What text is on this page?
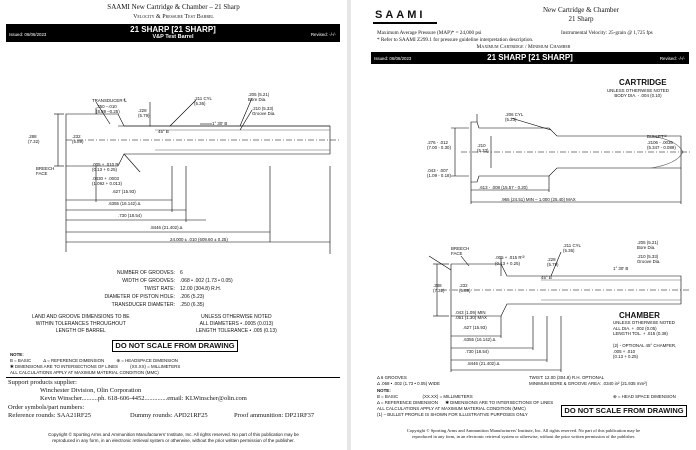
SAAMI New Cartridge & Chamber – 21 Sharp
Velocity & Pressure Test Barrel
Issued: 06/06/2023
21 SHARP [21 SHARP]
V&P Test Barrel	Revised: -/-/-
TRANSDUCER ℄
.350 –.010
(8.89 –0.25)
BREECH
FACE
.288
(7.32)
.232
(5.89)
.228
(5.79)
.211 CYL
(5.36)
.205 (5.21)
Bore Dia.
.210 (5.33)
Groove Dia.
45° B
1° 30' B
.005 + .010 R
(0.13 + 0.25)
.0430 + .0003
(1.092 + 0.013)
.627 (15.93)
.6355 (16.142) Δ
.730 (18.54)
.8446 (21.402) Δ
24.000 ± .010 (609.60 ± 0.25)
NUMBER OF GROOVES: 6
WIDTH OF GROOVES: .068 • .002 (1.73 • 0.05)
TWIST RATE: 12.00 (304.8) R.H.
DIAMETER OF PISTON HOLE: .206 (5.23)
TRANSDUCER DIAMETER: .250 (6.35)
LAND AND GROOVE DIMENSIONS TO BE
WITHIN TOLERANCES THROUGHOUT
LENGTH OF BARREL
UNLESS OTHERWISE NOTED
ALL DIAMETERS • .0005 (0.013)
LENGTH TOLERANCE • .005 (0.13)
DO NOT SCALE FROM DRAWING
NOTE:
B = BASIC          Δ = REFERENCE DIMENSION          ⊕ = HEADSPACE DIMENSION
✱ DIMENSIONS ARE TO INTERSECTIONS OF LINES          (XX.XX) = MILLIMETERS
ALL CALCULATIONS APPLY AT MAXIMUM MATERIAL CONDITION (MMC)
Support products supplier:
Winchester Division, Olin Corporation
Kevin Winscher..........ph. 618-606-4452..............email: KLWinscher@olin.com
Order symbols/part numbers:
Reference rounds: SAA21RF25	Dummy rounds: APD21RF25	Proof ammunition: DP21RF37
Copyright © Sporting Arms and Ammunition Manufacturers' Institute, Inc. All rights reserved. No part of this publication may be
reproduced in any form, in an electronic retrieval system or otherwise, without the prior written permission of the publisher.
SAAMI	New Cartridge & Chamber
21 Sharp
Maximum Average Pressure (MAP)* = 24,000 psi
* Refer to SAAMI Z299.1 for pressure guideline interpretation description.
Instrumental Velocity: 25-grain @ 1,725 fps
Maximum Cartridge / Minimum Chamber
Issued: 06/06/2023	21 SHARP [21 SHARP]	Revised: -/-/-
CARTRIDGE
UNLESS OTHERWISE NOTED
BODY DIA. - .004 (0.10)
.206 CYL
(5.23)
.276 - .012
(7.00 - 0.30)	.210
(5.33)
BULLET⁽¹⁾
.2106 - .0035
(5.347 - 0.089)
.043 - .007
(1.09 - 0.18)
.613 - .008 (15.57 - 0.20)
.965 (24.51) MIN – 1.000 (25.40) MAX
BREECH
FACE
.005 + .015 R⁽²⁾
(0.13 + 0.25)
.228
(5.79)
.211 CYL
(5.36)
.205 (5.21)
Bore Dia.
.210 (5.33)
Groove Dia.
.288
(7.32)
.232
(5.89)
45° B
1° 30' B
.043 (1.09) MIN
.051 (1.30) MAX
.627 (15.93)
.6355 (16.142) Δ
.730 (18.54)
.8446 (21.402) Δ
CHAMBER
UNLESS OTHERWISE NOTED
ALL DIA. + .002 (0.05)
LENGTH TOL. + .015 (0.38)
(2) - OPTIONAL 45° CHAMFER,
.005 + .010
(0.13 + 0.25)
Δ 6 GROOVES
Δ .068 • .002 (1.73 • 0.05) WIDE
TWIST: 12.00 (304.8) R.H. OPTIONAL
MINIMUM BORE & GROOVE AREA: .0340 in² (21.935 mm²)
NOTE:
B = BASIC                    (XX.XX) = MILLIMETERS
Δ = REFERENCE DIMENSION      ✱ DIMENSIONS ARE TO INTERSECTIONS OF LINES
ALL CALCULATIONS APPLY AT MAXIMUM MATERIAL CONDITION (MMC)
(1) – BULLET PROFILE IS SHOWN FOR ILLUSTRATIVE PURPOSES ONLY
⊕ = HEAD SPACE DIMENSION
DO NOT SCALE FROM DRAWING
Copyright © Sporting Arms and Ammunition Manufacturers' Institute, Inc. All rights reserved. No part of this publication may be
reproduced in any form, in an electronic retrieval system or otherwise, without the prior written permission of the publisher.
